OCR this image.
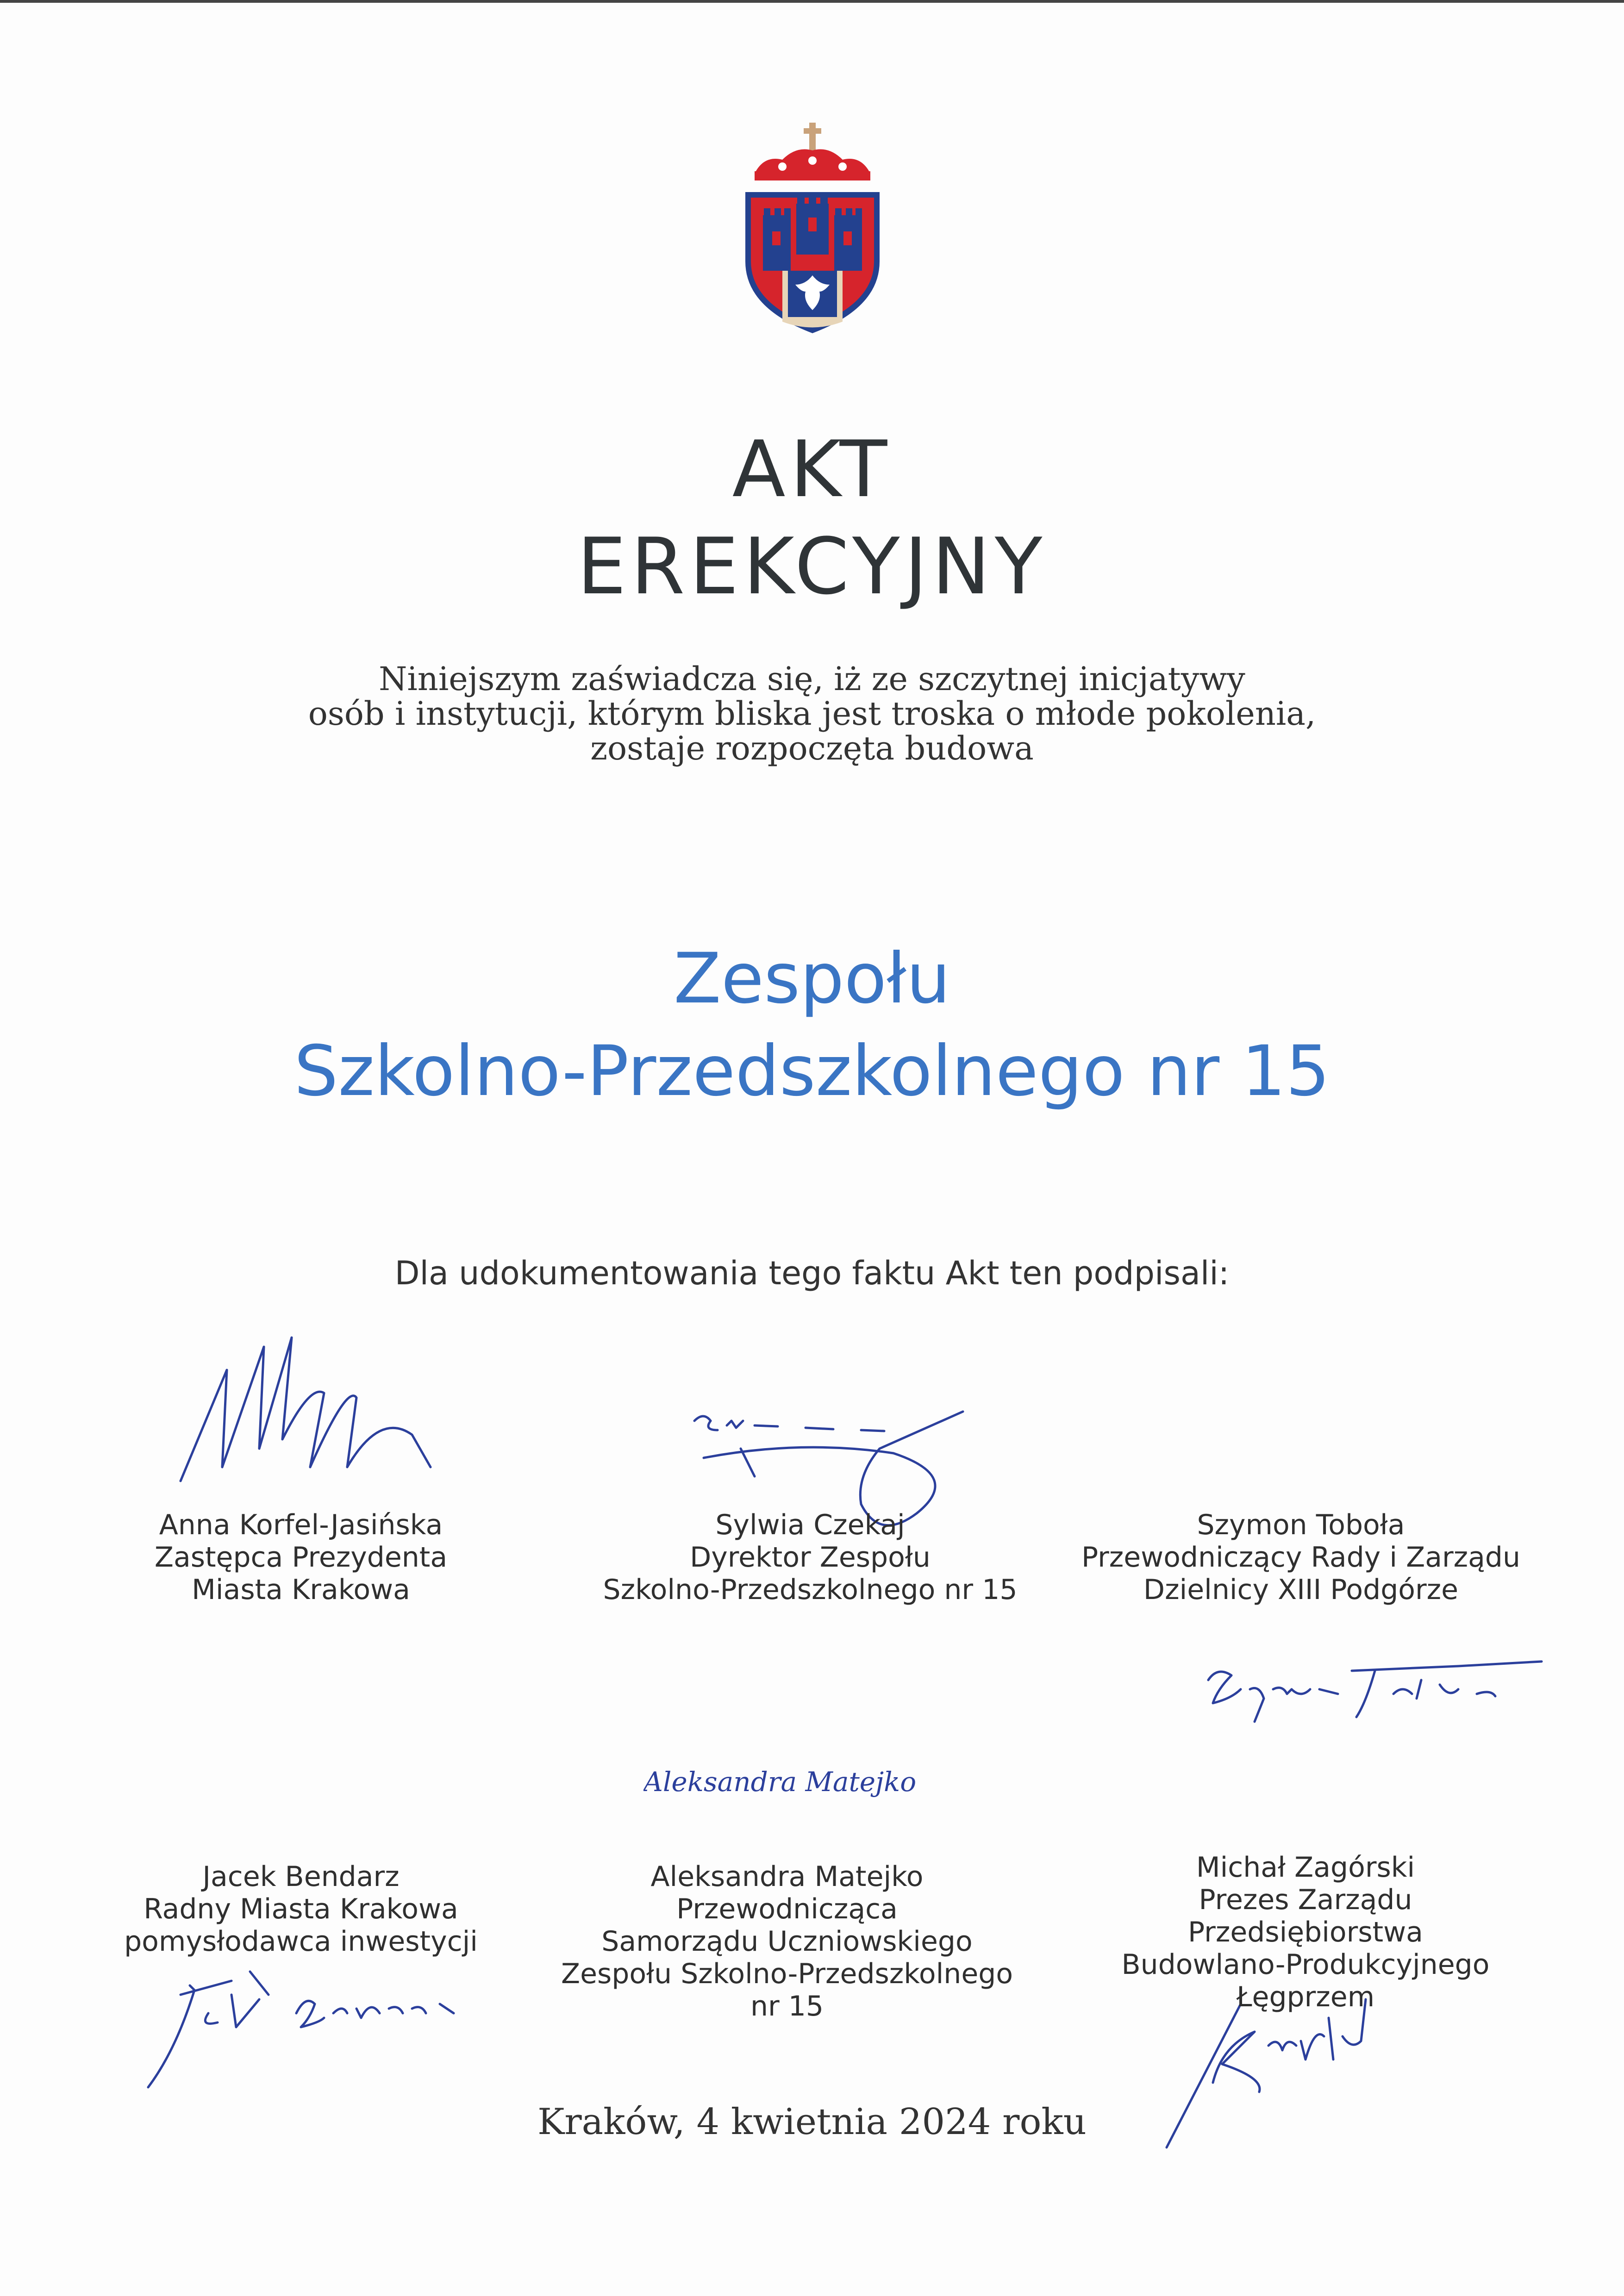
AKT
EREKCYJNY
Niniejszym zaświadcza się, iż ze szczytnej inicjatywy
osób i instytucji, którym bliska jest troska o młode pokolenia,
zostaje rozpoczęta budowa
Zespołu
Szkolno-Przedszkolnego nr 15
Dla udokumentowania tego faktu Akt ten podpisali:
Aleksandra Matejko
Anna Korfel-Jasińska
Zastępca Prezydenta
Miasta Krakowa
Sylwia Czekaj
Dyrektor Zespołu
Szkolno-Przedszkolnego nr 15
Szymon Toboła
Przewodniczący Rady i Zarządu
Dzielnicy XIII Podgórze
Jacek Bendarz
Radny Miasta Krakowa
pomysłodawca inwestycji
Aleksandra Matejko
Przewodnicząca
Samorządu Uczniowskiego
Zespołu Szkolno-Przedszkolnego
nr 15
Michał Zagórski
Prezes Zarządu
Przedsiębiorstwa
Budowlano-Produkcyjnego
Łęgprzem
Kraków, 4 kwietnia 2024 roku
